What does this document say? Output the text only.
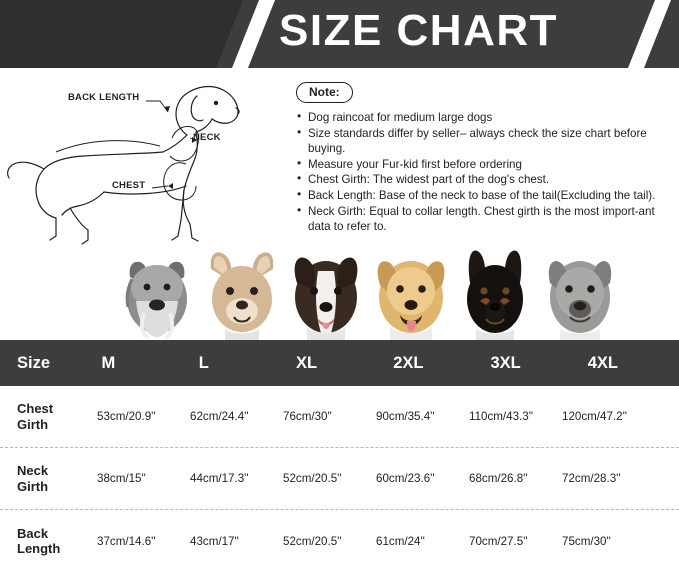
SIZE CHART
BACK LENGTH
NECK
CHEST
Note:
• Dog raincoat for medium large dogs
• Size standards differ by seller– always check the size chart before buying.
• Measure your Fur-kid first before ordering
• Chest Girth: The widest part of the dog's chest.
• Back Length: Base of the neck to base of the tail(Excluding the tail).
• Neck Girth: Equal to collar length. Chest girth is the most import-ant data to refer to.
Size	M	L	XL	2XL	3XL	4XL
Chest
Girth	53cm/20.9''	62cm/24.4''	76cm/30''	90cm/35.4''	110cm/43.3''	120cm/47.2''
Neck
Girth	38cm/15''	44cm/17.3''	52cm/20.5''	60cm/23.6''	68cm/26.8''	72cm/28.3''
Back
Length	37cm/14.6''	43cm/17''	52cm/20.5''	61cm/24''	70cm/27.5''	75cm/30''
